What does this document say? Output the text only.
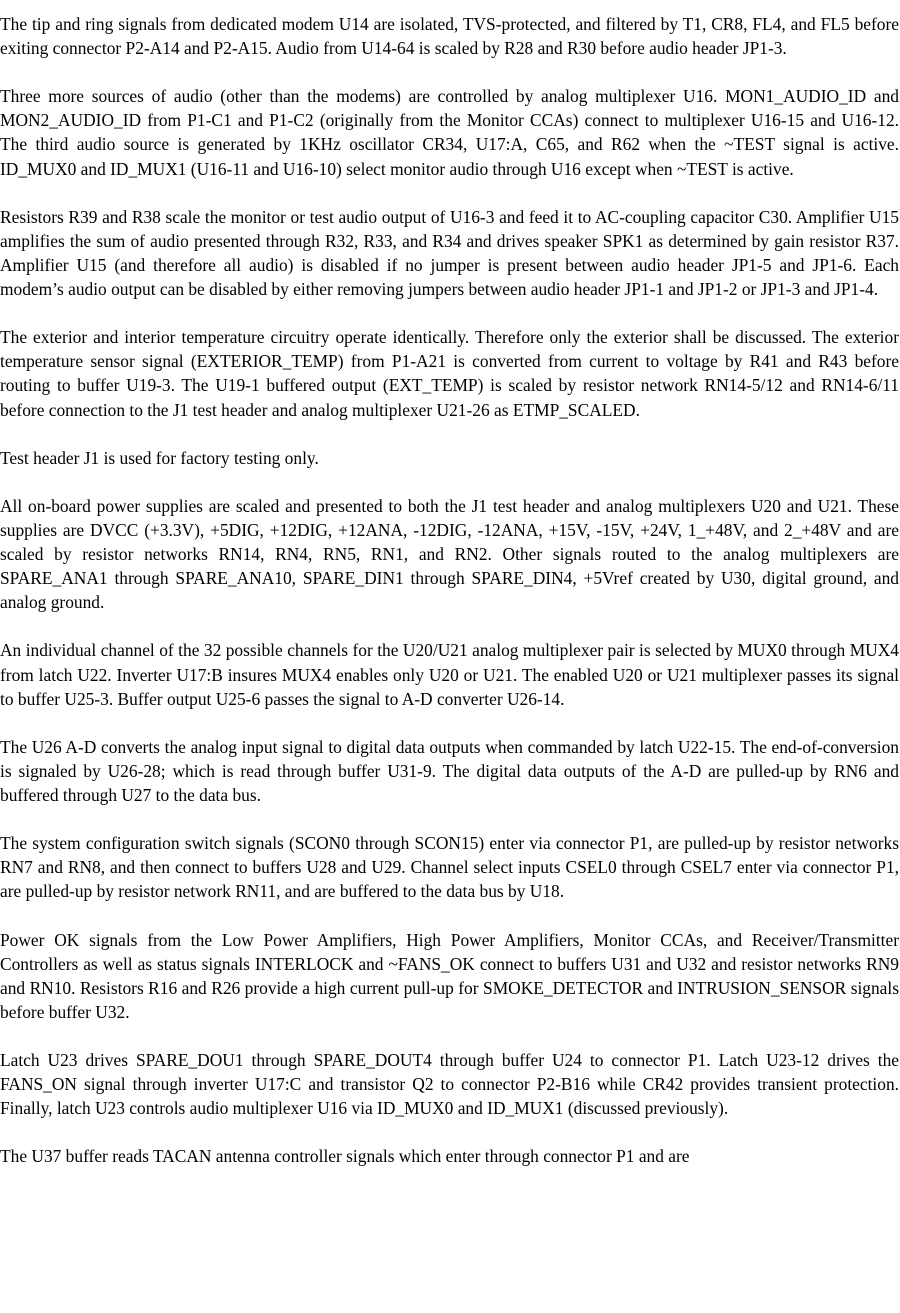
The tip and ring signals from dedicated modem U14 are isolated, TVS-protected, and filtered by T1, CR8, FL4, and FL5 before exiting connector P2-A14 and P2-A15. Audio from U14-64 is scaled by R28 and R30 before audio header JP1-3.

Three more sources of audio (other than the modems) are controlled by analog multiplexer U16. MON1_AUDIO_ID and MON2_AUDIO_ID from P1-C1 and P1-C2 (originally from the Monitor CCAs) connect to multiplexer U16-15 and U16-12. The third audio source is generated by 1KHz oscillator CR34, U17:A, C65, and R62 when the ~TEST signal is active. ID_MUX0 and ID_MUX1 (U16-11 and U16-10) select monitor audio through U16 except when ~TEST is active.

Resistors R39 and R38 scale the monitor or test audio output of U16-3 and feed it to AC-coupling capacitor C30. Amplifier U15 amplifies the sum of audio presented through R32, R33, and R34 and drives speaker SPK1 as determined by gain resistor R37. Amplifier U15 (and therefore all audio) is disabled if no jumper is present between audio header JP1-5 and JP1-6. Each modem’s audio output can be disabled by either removing jumpers between audio header JP1-1 and JP1-2 or JP1-3 and JP1-4.

The exterior and interior temperature circuitry operate identically. Therefore only the exterior shall be discussed. The exterior temperature sensor signal (EXTERIOR_TEMP) from P1-A21 is converted from current to voltage by R41 and R43 before routing to buffer U19-3. The U19-1 buffered output (EXT_TEMP) is scaled by resistor network RN14-5/12 and RN14-6/11 before connection to the J1 test header and analog multiplexer U21-26 as ETMP_SCALED.

Test header J1 is used for factory testing only.

All on-board power supplies are scaled and presented to both the J1 test header and analog multiplexers U20 and U21. These supplies are DVCC (+3.3V), +5DIG, +12DIG, +12ANA, -12DIG, -12ANA, +15V, -15V, +24V, 1_+48V, and 2_+48V and are scaled by resistor networks RN14, RN4, RN5, RN1, and RN2. Other signals routed to the analog multiplexers are SPARE_ANA1 through SPARE_ANA10, SPARE_DIN1 through SPARE_DIN4, +5Vref created by U30, digital ground, and analog ground.

An individual channel of the 32 possible channels for the U20/U21 analog multiplexer pair is selected by MUX0 through MUX4 from latch U22. Inverter U17:B insures MUX4 enables only U20 or U21. The enabled U20 or U21 multiplexer passes its signal to buffer U25-3. Buffer output U25-6 passes the signal to A-D converter U26-14.

The U26 A-D converts the analog input signal to digital data outputs when commanded by latch U22-15. The end-of-conversion is signaled by U26-28; which is read through buffer U31-9. The digital data outputs of the A-D are pulled-up by RN6 and buffered through U27 to the data bus.

The system configuration switch signals (SCON0 through SCON15) enter via connector P1, are pulled-up by resistor networks RN7 and RN8, and then connect to buffers U28 and U29. Channel select inputs CSEL0 through CSEL7 enter via connector P1, are pulled-up by resistor network RN11, and are buffered to the data bus by U18.

Power OK signals from the Low Power Amplifiers, High Power Amplifiers, Monitor CCAs, and Receiver/Transmitter Controllers as well as status signals INTERLOCK and ~FANS_OK connect to buffers U31 and U32 and resistor networks RN9 and RN10. Resistors R16 and R26 provide a high current pull-up for SMOKE_DETECTOR and INTRUSION_SENSOR signals before buffer U32.

Latch U23 drives SPARE_DOU1 through SPARE_DOUT4 through buffer U24 to connector P1. Latch U23-12 drives the FANS_ON signal through inverter U17:C and transistor Q2 to connector P2-B16 while CR42 provides transient protection. Finally, latch U23 controls audio multiplexer U16 via ID_MUX0 and ID_MUX1 (discussed previously).

The U37 buffer reads TACAN antenna controller signals which enter through connector P1 and are
